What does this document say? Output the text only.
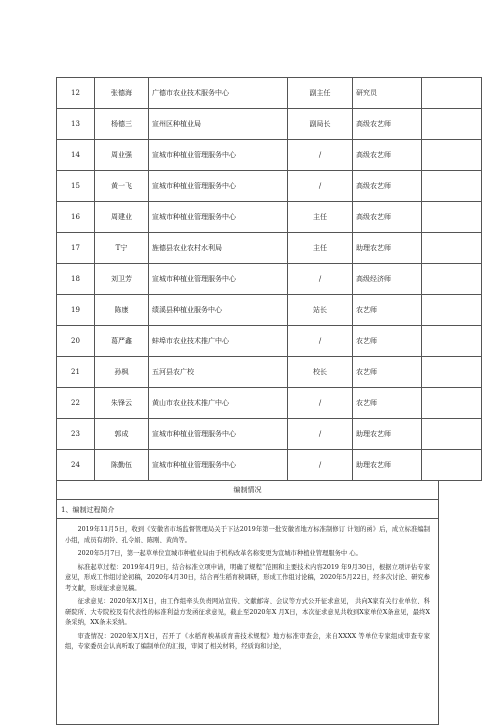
12	张德海	广德市农业技术服务中心	副主任	研究员	
13	杨德三	宣州区种植业局	副局长	高级农艺师	
14	周业强	宣城市种植业管理服务中心	/	高级农艺师	
15	黄一飞	宣城市种植业管理服务中心	/	高级农艺师	
16	周建业	宣城市种植业管理服务中心	主任	高级农艺师	
17	T宁	旌德县农业农村水利局	主任	助理农艺师	
18	刘卫芳	宣城市种植业管理服务中心	/	高级经济师	
19	陈康	绩溪县种植业服务中心	站长	农艺师	
20	葛严鑫	蚌埠市农业技术推广中心	/	农艺师	
21	孙枫	五河县农广校	校长	农艺师	
22	朱锋云	黄山市农业技术推广中心	/	农艺师	
23	郭成	宣城市种植业管理服务中心	/	助理农艺师	
24	陈勤伍	宣城市种植业管理服务中心	/	助理农艺师	
编制情况
1、编制过程简介

2019年11月5日，收到《安徽省市场监督管理局关于下达2019年第一批安徽省地方标准制修订 计划的函》后，成立标准编制小组，成员有胡铃、孔令娟、陈刚、黄尚等。

2020年5月7日，第一起草单位宣城市种植业局由于机构改革名称变更为宣城市种植业管理服务中 心。

标准起草过程：2019年4月9日，结合标准立项申请，明确了规程“范围和主要技术内容2019 年9月30日，根据立项评估专家意见，形成工作组讨论初稿，2020年4月30日，结合再生稻育秧调研，形成工作组讨论稿，2020年5月22日，经多次讨论、研究参考文献，形成征求意见稿。

征求意见：2020年X月X日，由工作组牵头负责网站宣传、文献邮寄、会议等方式公开征求意见， 共向X家有关行业单位、科研院所、大专院校及有代表性的标准利益方发函征求意见，截止至2020年X 月X日，本次征求意见共收到X家单位X条意见，最终X条采纳，XX条未采纳。

审查情况：2020年X月X日，召开了《水稻育秧基质育苗技术规程》地方标准审查会，来自XXXX 等单位专家组成审查专家组，专家委员会认真听取了编制单位的汇报，审阅了相关材料，经质询和讨论，
